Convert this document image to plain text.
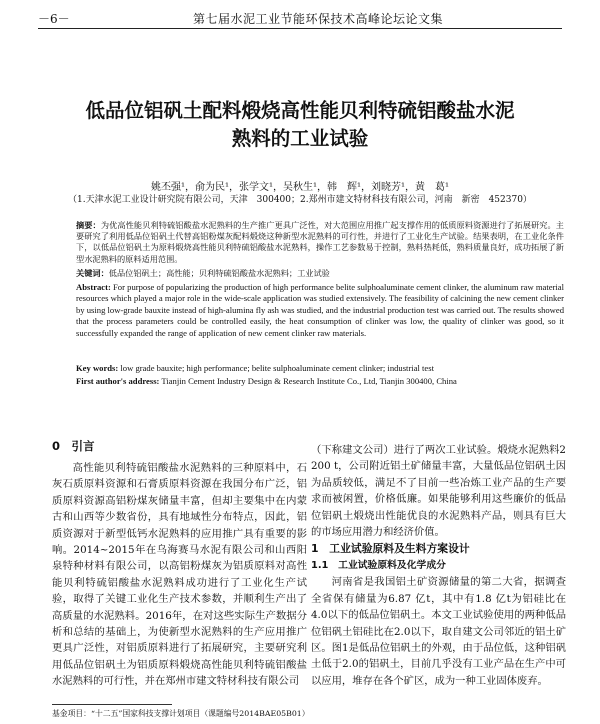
－6－	第七届水泥工业节能环保技术高峰论坛论文集
低品位铝矾土配料煅烧高性能贝利特硫铝酸盐水泥
熟料的工业试验
姚丕强¹，俞为民¹，张学文¹，吴秋生¹，韩　辉¹，刘晓芳¹，黄　葛¹
（1.天津水泥工业设计研究院有限公司，天津　300400；2.郑州市建文特材科技有限公司，河南　新密　452370）
摘要：为优高性能贝利特硫铝酸盐水泥熟料的生产推广更具广泛性，对大范围应用推广起支撑作用的低质原料资源进行了拓展研究。主要研究了利用低品位铝矾土代替高铝粉煤灰配料煅烧这种新型水泥熟料的可行性，并进行了工业化生产试验。结果表明，在工业化条件下，以低品位铝矾土为原料煅烧高性能贝利特硫铝酸盐水泥熟料，操作工艺参数易于控制，熟料热耗低，熟料质量良好，成功拓展了新型水泥熟料的原料适用范围。
关键词：低品位铝矾土；高性能；贝利特硫铝酸盐水泥熟料；工业试验
Abstract: For purpose of popularizing the production of high performance belite sulphoaluminate cement clinker, the aluminum raw material resources which played a major role in the wide-scale application was studied extensively. The feasibility of calcining the new cement clinker by using low-grade bauxite instead of high-alumina fly ash was studied, and the industrial production test was carried out. The results showed that the process parameters could be controlled easily, the heat consumption of clinker was low, the quality of clinker was good, so it successfully expanded the range of application of new cement clinker raw materials.
Key words: low grade bauxite; high performance; belite sulphoaluminate cement clinker; industrial test
First author's address: Tianjin Cement Industry Design & Research Institute Co., Ltd, Tianjin 300400, China
0　引言

高性能贝利特硫铝酸盐水泥熟料的三种原料中，石灰石质原料资源和石膏质原料资源在我国分布广泛，铝质原料资源高铝粉煤灰储量丰富，但却主要集中在内蒙古和山西等少数省份，具有地域性分布特点，因此，铝质资源对于新型低钙水泥熟料的应用推广具有重要的影响。2014~2015年在乌海赛马水泥有限公司和山西阳泉特种材料有限公司，以高铝粉煤灰为铝质原料对高性能贝利特硫铝酸盐水泥熟料成功进行了工业化生产试验，取得了关键工业化生产技术参数，并顺利生产出了高质量的水泥熟料。2016年，在对这些实际生产数据分析和总结的基础上，为使新型水泥熟料的生产应用推广更具广泛性，对铝质原料进行了拓展研究，主要研究利用低品位铝矾土为铝质原料煅烧高性能贝利特硫铝酸盐水泥熟料的可行性，并在郑州市建文特材科技有限公司

（下称建文公司）进行了两次工业试验。煅烧水泥熟料2 200 t，公司附近铝土矿储量丰富，大量低品位铝矾土因为品质较低，满足不了目前一些冶炼工业产品的生产要求而被闲置，价格低廉。如果能够利用这些廉价的低品位铝矾土煅烧出性能优良的水泥熟料产品，则具有巨大的市场应用潜力和经济价值。

1　工业试验原料及生料方案设计
1.1　工业试验原料及化学成分

河南省是我国铝土矿资源储量的第二大省，据调查全省保有储量为6.87 亿t，其中有1.8 亿t为铝硅比在4.0以下的低品位铝矾土。本文工业试验使用的两种低品位铝矾土铝硅比在2.0以下，取自建文公司邻近的铝土矿区。图1是低品位铝矾土的外观，由于品位低，这种铝矾土低于2.0的铝矾土，目前几乎没有工业产品在生产中可以应用，堆存在各个矿区，成为一种工业固体废弃。

基金项目：“十二五”国家科技支撑计划项目（课题编号2014BAE05B01）
